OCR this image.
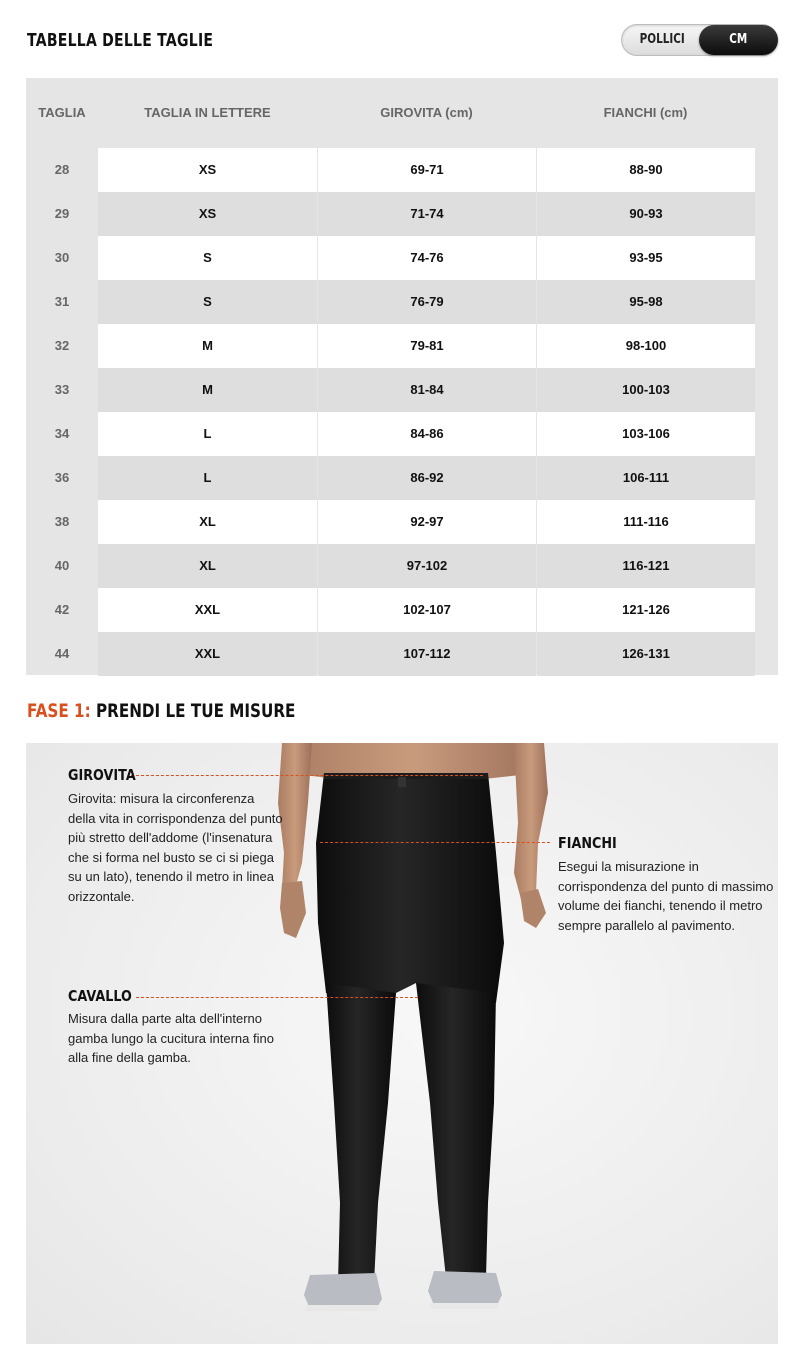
TABELLA DELLE TAGLIE	POLLICI	CM
TAGLIA	TAGLIA IN LETTERE	GIROVITA (cm)	FIANCHI (cm)
28	XS	69-71	88-90
29	XS	71-74	90-93
30	S	74-76	93-95
31	S	76-79	95-98
32	M	79-81	98-100
33	M	81-84	100-103
34	L	84-86	103-106
36	L	86-92	106-111
38	XL	92-97	111-116
40	XL	97-102	116-121
42	XXL	102-107	121-126
44	XXL	107-112	126-131
FASE 1: PRENDI LE TUE MISURE
GIROVITA
Girovita: misura la circonferenza
della vita in corrispondenza del punto
più stretto dell'addome (l'insenatura
che si forma nel busto se ci si piega
su un lato), tenendo il metro in linea
orizzontale.
FIANCHI
Esegui la misurazione in
corrispondenza del punto di massimo
volume dei fianchi, tenendo il metro
sempre parallelo al pavimento.
CAVALLO
Misura dalla parte alta dell'interno
gamba lungo la cucitura interna fino
alla fine della gamba.
